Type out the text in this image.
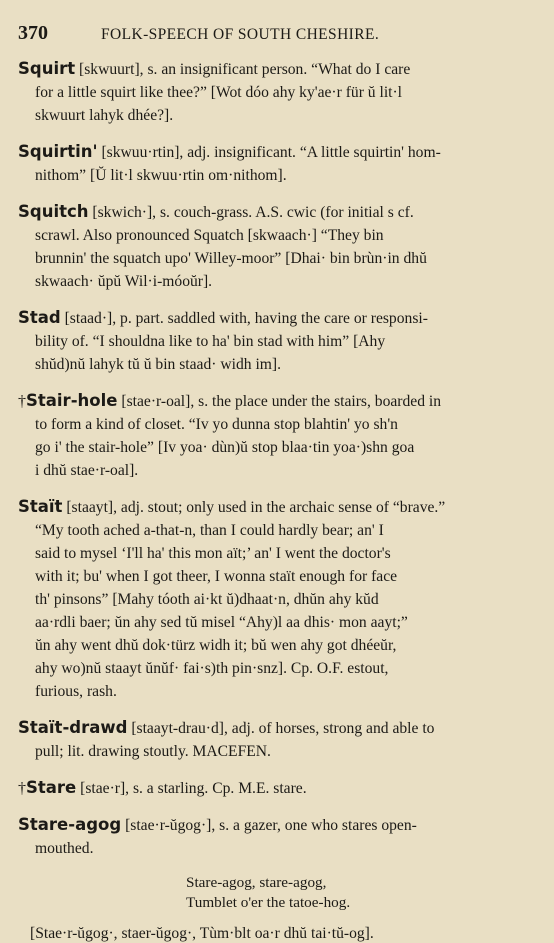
370	FOLK-SPEECH OF SOUTH CHESHIRE.
Squirt [skwuurt], s. an insignificant person. “What do I care
for a little squirt like thee?” [Wot dóo ahy ky'ae·r für ŭ lit·l
skwuurt lahyk dhée?].
Squirtin' [skwuu·rtin], adj. insignificant. “A little squirtin' hom-
nithom” [Ŭ lit·l skwuu·rtin om·nithom].
Squitch [skwich·], s. couch-grass. A.S. cwic (for initial s cf.
scrawl. Also pronounced Squatch [skwaach·] “They bin
brunnin' the squatch upo' Willey-moor” [Dhai· bin brùn·in dhŭ
skwaach· ŭpŭ Wil·i-móoŭr].
Stad [staad·], p. part. saddled with, having the care or responsi-
bility of. “I shouldna like to ha' bin stad with him” [Ahy
shŭd)nŭ lahyk tŭ ŭ bin staad· widh im].
†Stair-hole [stae·r-oal], s. the place under the stairs, boarded in
to form a kind of closet. “Iv yo dunna stop blahtin' yo sh'n
go i' the stair-hole” [Iv yoa· dùn)ŭ stop blaa·tin yoa·)shn goa
i dhŭ stae·r-oal].
Staït [staayt], adj. stout; only used in the archaic sense of “brave.”
“My tooth ached a-that-n, than I could hardly bear; an' I
said to mysel ‘I'll ha' this mon aït;’ an' I went the doctor's
with it; bu' when I got theer, I wonna staït enough for face
th' pinsons” [Mahy tóoth ai·kt ŭ)dhaat·n, dhŭn ahy kŭd
aa·rdli baer; ŭn ahy sed tŭ misel “Ahy)l aa dhis· mon aayt;”
ŭn ahy went dhŭ dok·türz widh it; bŭ wen ahy got dhéeŭr,
ahy wo)nŭ staayt ŭnŭf· fai·s)th pin·snz]. Cp. O.F. estout,
furious, rash.
Staït-drawd [staayt-drau·d], adj. of horses, strong and able to
pull; lit. drawing stoutly. MACEFEN.
†Stare [stae·r], s. a starling. Cp. M.E. stare.
Stare-agog [stae·r-ŭgog·], s. a gazer, one who stares open-
mouthed.
Stare-agog, stare-agog,
Tumblet o'er the tatoe-hog.
[Stae·r-ŭgog·, staer-ŭgog·, Tùm·blt oa·r dhŭ tai·tŭ-og].
